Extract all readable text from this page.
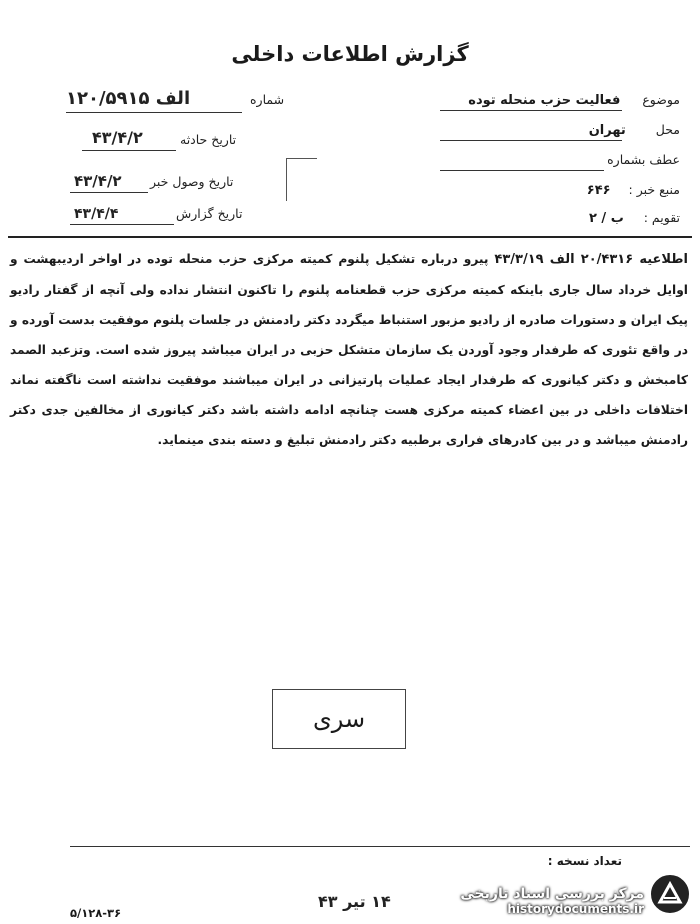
گزارش اطلاعات داخلی
موضوع  فعالیت حزب منحله توده
محل  تهران
عطف بشماره
منبع خبر :  ۶۴۶
تقویم :  ب / ۲
شماره
۱۲۰/۵۹۱۵ الف
تاریخ حادثه
۴۳/۴/۲
تاریخ وصول خبر
۴۳/۴/۲
تاریخ گزارش
۴۳/۴/۴
اطلاعیه ۲۰/۴۳۱۶ الف ۴۳/۳/۱۹ پیرو درباره تشکیل پلنوم کمیته مرکزی حزب منحله توده در اواخر اردیبهشت و اوایل خرداد سال جاری باینکه کمیته مرکزی حزب قطعنامه پلنوم را تاکنون انتشار نداده ولی آنچه از گفتار رادیو پیک ایران و دستورات صادره از رادیو مزبور استنباط میگردد دکتر رادمنش در جلسات پلنوم موفقیت بدست آورده و در واقع تئوری که طرفدار وجود آوردن یک سازمان متشکل حزبی در ایران میباشد پیروز شده است. وتزعبد الصمد کامبخش و دکتر کیانوری که طرفدار ایجاد عملیات پارتیزانی در ایران میباشند موفقیت نداشته است ناگفته نماند اختلافات داخلی در بین اعضاء کمیته مرکزی هست چنانچه ادامه داشته باشد دکتر کیانوری از مخالفین جدی دکتر رادمنش میباشد و در بین کادرهای فراری برطبیه دکتر رادمنش تبلیغ و دسته بندی مینماید.
سری
تعداد نسخه :
۱۴ تیر ۴۳
۵/۱۲۸-۳۶
مرکز بررسی اسناد تاریخی
historydocuments.ir
